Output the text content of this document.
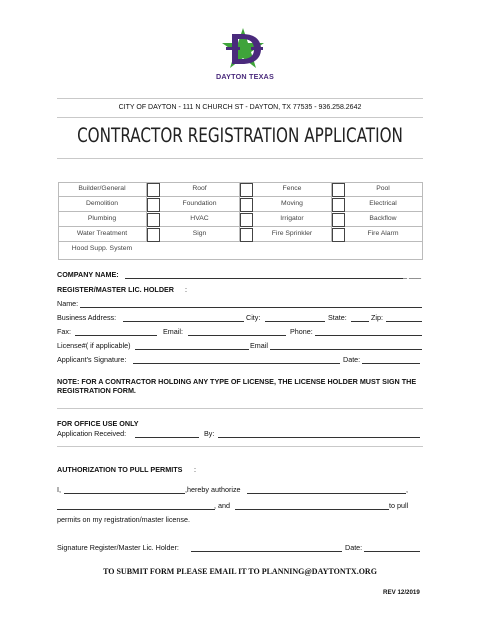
DAYTON TEXAS
CITY OF DAYTON - 111 N CHURCH ST - DAYTON, TX 77535 - 936.258.2642
CONTRACTOR REGISTRATION APPLICATION
Builder/General	Roof	Fence	Pool
Demolition	Foundation	Moving	Electrical
Plumbing	HVAC	Irrigator	Backflow
Water Treatment	Sign	Fire Sprinkler	Fire Alarm
Hood Supp. System
COMPANY NAME:	_ ___
REGISTER/MASTER LIC. HOLDER :
Name:
Business Address:	City:	State:	Zip:
Fax:	Email:	Phone:
License#( if applicable)	Email
Applicant’s Signature:	Date:
NOTE: FOR A CONTRACTOR HOLDING ANY TYPE OF LICENSE, THE LICENSE HOLDER MUST SIGN THE REGISTRATION FORM.
FOR OFFICE USE ONLY
Application Received:	By:
AUTHORIZATION TO PULL PERMITS :
I,	,hereby authorize	,
, and	to pull
permits on my registration/master license.
Signature Register/Master Lic. Holder:	Date:
TO SUBMIT FORM PLEASE EMAIL IT TO PLANNING@DAYTONTX.ORG
REV 12/2019
